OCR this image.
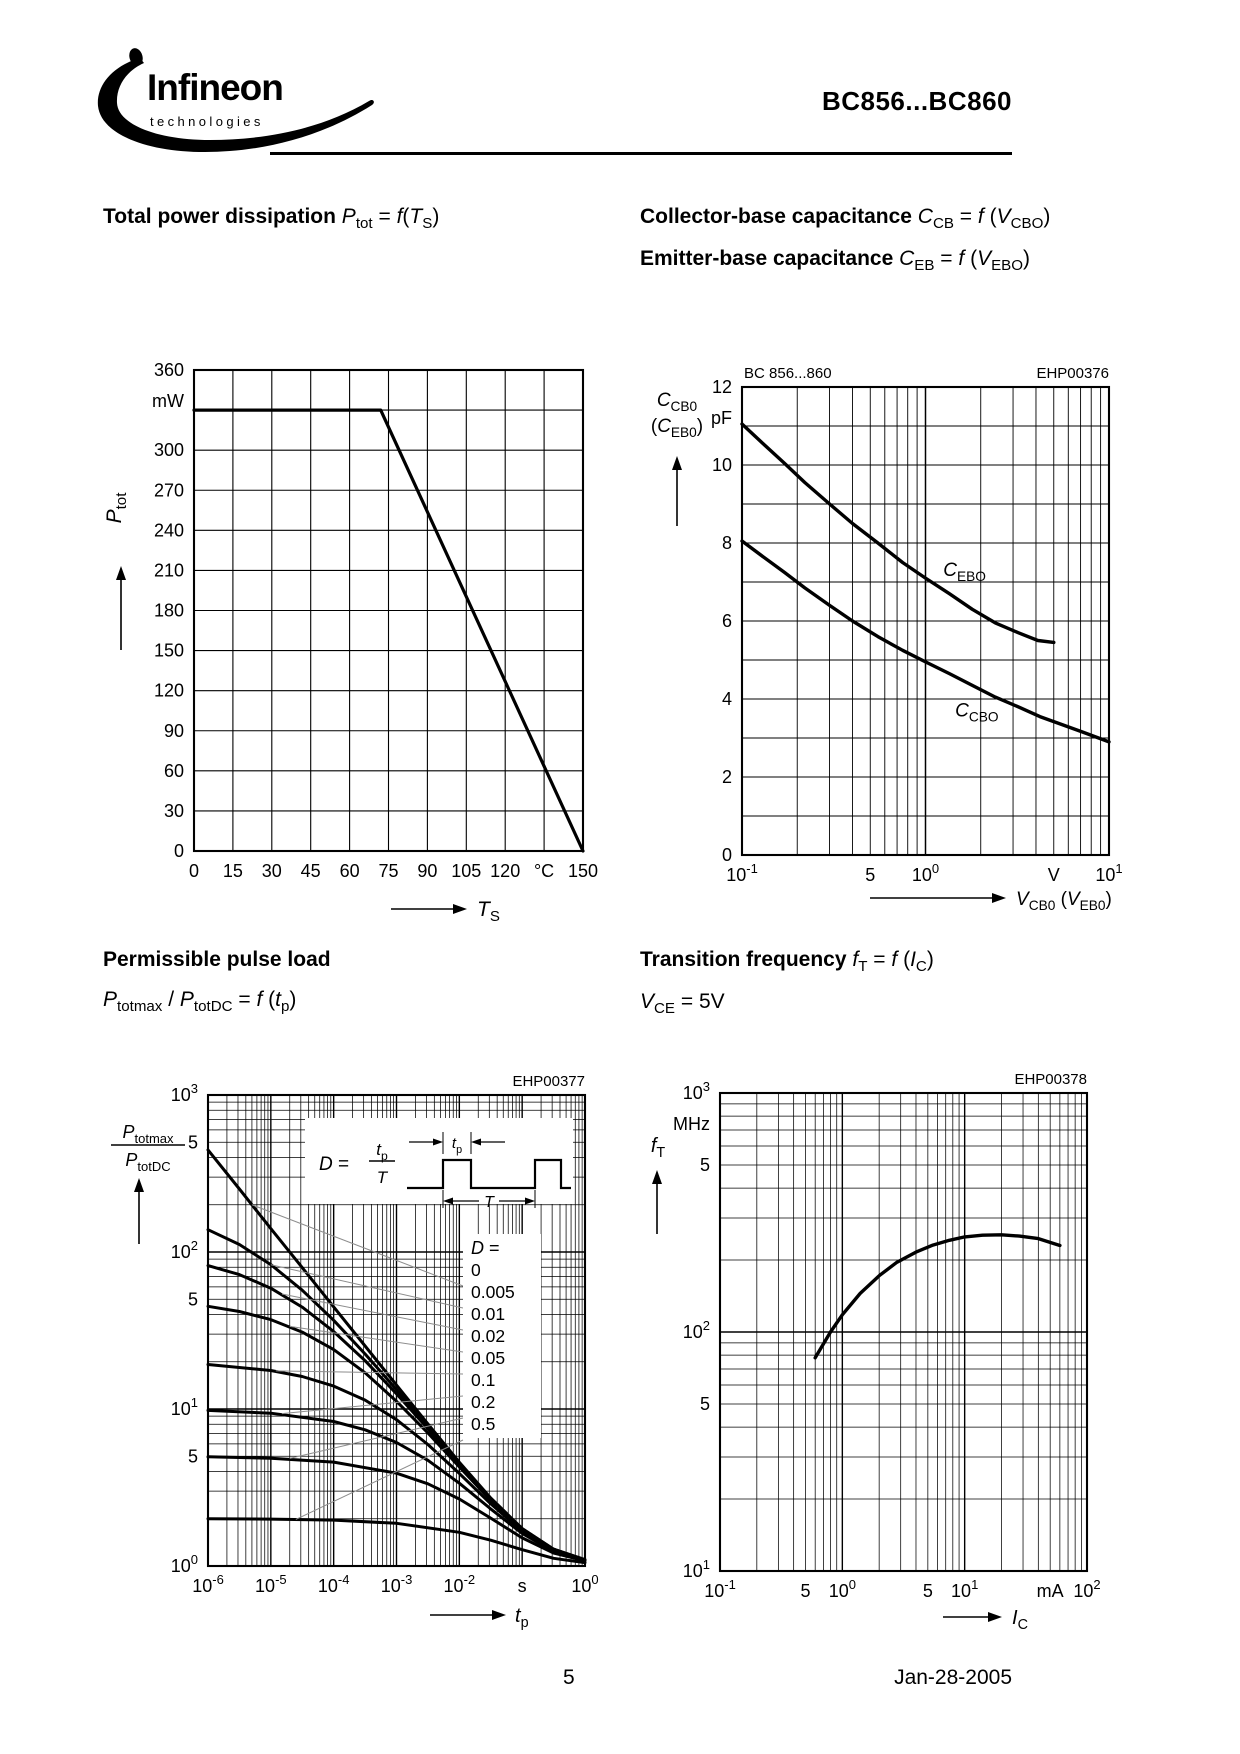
Infineon
technologies
BC856...BC860
Total power dissipation $P_{tot} = f(T_S)$	Collector-base capacitance $C_{CB} = f$ $(V_{CBO})$
Emitter-base capacitance $C_{EB} = f$ $(V_{EBO})$
Permissible pulse load
$P_{totmax} / P_{totDC} = f$ $(t_p)$
Transition frequency $f_T = f$ $(I_C)$
$V_{CE} = 5V$
0 15 30 45 60 75 90 105 120 °C 150
360
300
270
240
210
180
150
120
90
60
30
0
mW
$P_{tot}$
$T_S$
BC 856...860	EHP00376
$10^{-1}$	5 $10^0$	V $10^1$
12
10
8
6
4
2
0
pF
$C_{EBO}$
$C_{CBO}$
$C_{CB0}$
$(C_{EB0})$
$V_{CB0}$ $(V_{EB0})$
EHP00377
$10^{-6}$ $10^{-5}$ $10^{-4}$ $10^{-3}$ $10^{-2}$ s $10^0$
$10^3$
5
$10^2$
5
$10^1$
5
$10^0$
D =
$t_p$
T
$t_p$
T
$P_{totmax}$
$P_{totDC}$
D =
0
0.005
0.01
0.02
0.05
0.1
0.2
0.5
$t_p$
EHP00378
$10^{-1}$	5 $10^0$	5 $10^1$	mA $10^2$
$10^3$
5
$10^2$
5
$10^1$
MHz
$f_T$
$I_C$
5	Jan-28-2005
